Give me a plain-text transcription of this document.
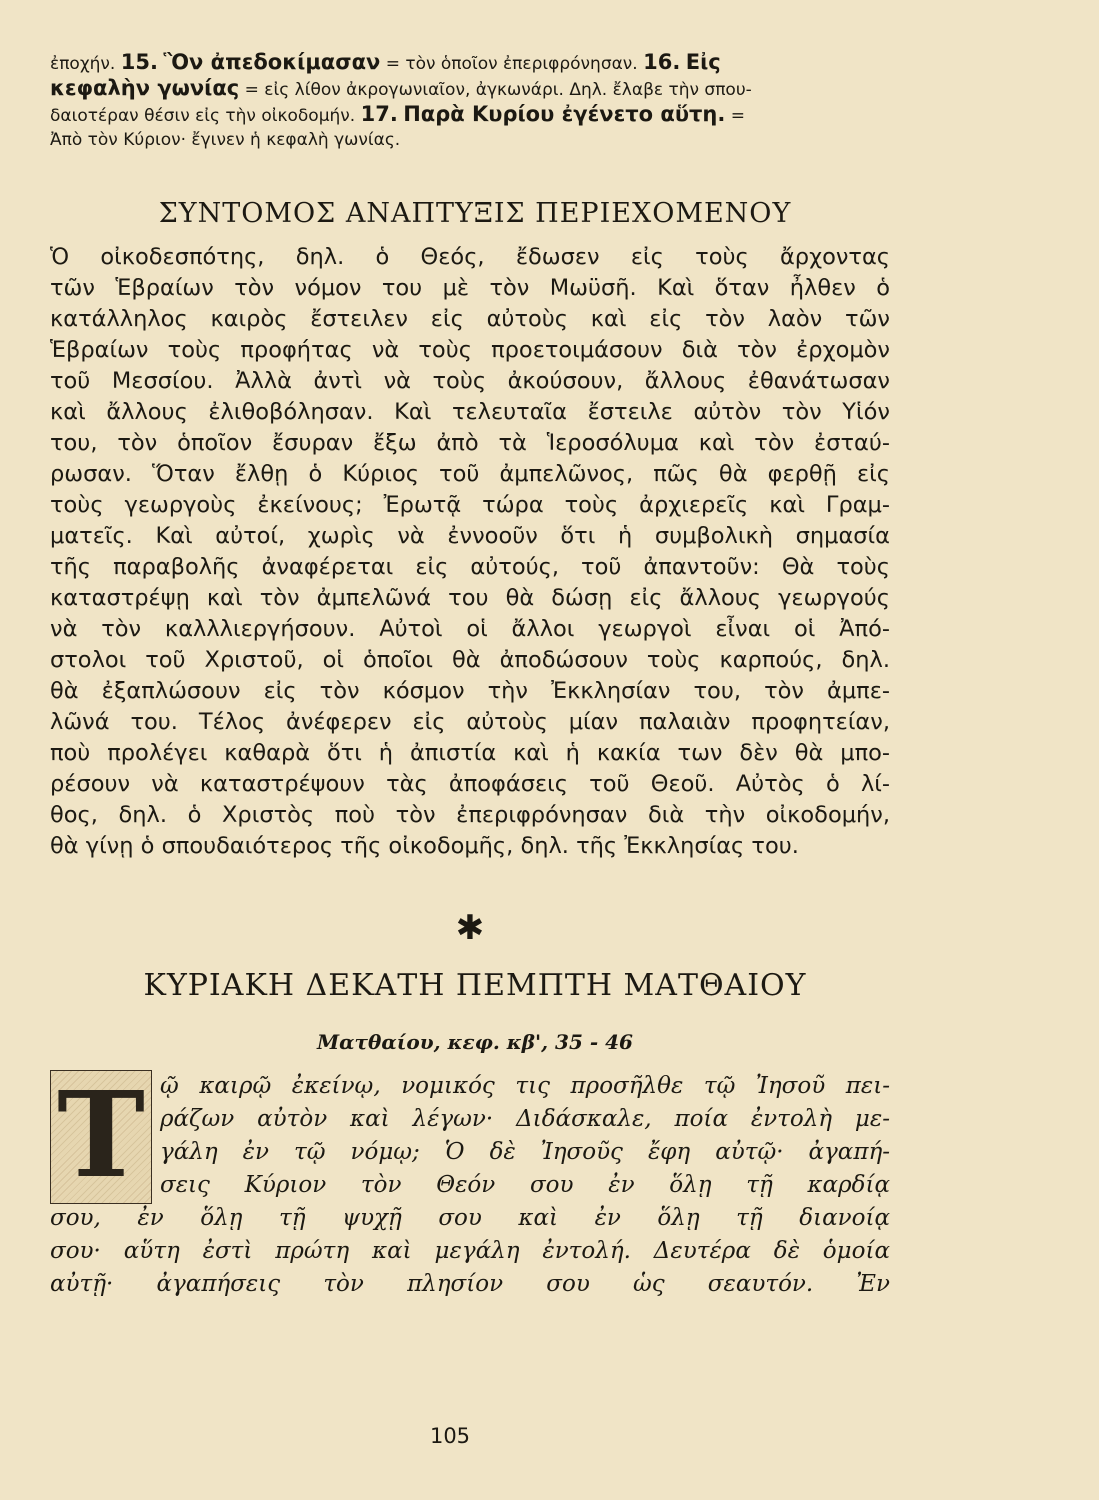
ἐποχήν. 15. Ὃν ἀπεδοκίμασαν = τὸν ὁποῖον ἐπεριφρόνησαν. 16. Εἰς
κεφαλὴν γωνίας = εἰς λίθον ἀκρογωνιαῖον, ἀγκωνάρι. Δηλ. ἔλαβε τὴν σπου-
δαιοτέραν θέσιν εἰς τὴν οἰκοδομήν. 17. Παρὰ Κυρίου ἐγένετο αὕτη. =
Ἀπὸ τὸν Κύριον· ἔγινεν ἡ κεφαλὴ γωνίας.
ΣΥΝΤΟΜΟΣ ΑΝΑΠΤΥΞΙΣ ΠΕΡΙΕΧΟΜΕΝΟΥ
Ὁ οἰκοδεσπότης, δηλ. ὁ Θεός, ἔδωσεν εἰς τοὺς ἄρχοντας
τῶν Ἑβραίων τὸν νόμον του μὲ τὸν Μωϋσῆ. Καὶ ὅταν ἦλθεν ὁ
κατάλληλος καιρὸς ἔστειλεν εἰς αὐτοὺς καὶ εἰς τὸν λαὸν τῶν
Ἑβραίων τοὺς προφήτας νὰ τοὺς προετοιμάσουν διὰ τὸν ἐρχομὸν
τοῦ Μεσσίου. Ἀλλὰ ἀντὶ νὰ τοὺς ἀκούσουν, ἄλλους ἐθανάτωσαν
καὶ ἄλλους ἐλιθοβόλησαν. Καὶ τελευταῖα ἔστειλε αὐτὸν τὸν Υἱόν
του, τὸν ὁποῖον ἔσυραν ἔξω ἀπὸ τὰ Ἱεροσόλυμα καὶ τὸν ἐσταύ-
ρωσαν. Ὅταν ἔλθῃ ὁ Κύριος τοῦ ἀμπελῶνος, πῶς θὰ φερθῇ εἰς
τοὺς γεωργοὺς ἐκείνους; Ἐρωτᾷ τώρα τοὺς ἀρχιερεῖς καὶ Γραμ-
ματεῖς. Καὶ αὐτοί, χωρὶς νὰ ἐννοοῦν ὅτι ἡ συμβολικὴ σημασία
τῆς παραβολῆς ἀναφέρεται εἰς αὐτούς, τοῦ ἀπαντοῦν: Θὰ τοὺς
καταστρέψῃ καὶ τὸν ἀμπελῶνά του θὰ δώσῃ εἰς ἄλλους γεωργούς
νὰ τὸν καλλλιεργήσουν. Αὐτοὶ οἱ ἄλλοι γεωργοὶ εἶναι οἱ Ἀπό-
στολοι τοῦ Χριστοῦ, οἱ ὁποῖοι θὰ ἀποδώσουν τοὺς καρπούς, δηλ.
θὰ ἐξαπλώσουν εἰς τὸν κόσμον τὴν Ἐκκλησίαν του, τὸν ἀμπε-
λῶνά του. Τέλος ἀνέφερεν εἰς αὐτοὺς μίαν παλαιὰν προφητείαν,
ποὺ προλέγει καθαρὰ ὅτι ἡ ἀπιστία καὶ ἡ κακία των δὲν θὰ μπο-
ρέσουν νὰ καταστρέψουν τὰς ἀποφάσεις τοῦ Θεοῦ. Αὐτὸς ὁ λί-
θος, δηλ. ὁ Χριστὸς ποὺ τὸν ἐπεριφρόνησαν διὰ τὴν οἰκοδομήν,
θὰ γίνῃ ὁ σπουδαιότερος τῆς οἰκοδομῆς, δηλ. τῆς Ἐκκλησίας του.
✱
ΚΥΡΙΑΚΗ ΔΕΚΑΤΗ ΠΕΜΠΤΗ ΜΑΤΘΑΙΟΥ
Ματθαίου, κεφ. κβ', 35 - 46
Τ ῷ καιρῷ ἐκείνῳ, νομικός τις προσῆλθε τῷ Ἰησοῦ πει-
ράζων αὐτὸν καὶ λέγων· Διδάσκαλε, ποία ἐντολὴ με-
γάλη ἐν τῷ νόμῳ; Ὁ δὲ Ἰησοῦς ἔφη αὐτῷ· ἀγαπή-
σεις Κύριον τὸν Θεόν σου ἐν ὅλῃ τῇ καρδίᾳ
σου, ἐν ὅλῃ τῇ ψυχῇ σου καὶ ἐν ὅλῃ τῇ διανοίᾳ
σου· αὕτη ἐστὶ πρώτη καὶ μεγάλη ἐντολή. Δευτέρα δὲ ὁμοία
αὐτῇ· ἀγαπήσεις τὸν πλησίον σου ὡς σεαυτόν. Ἐν
105
